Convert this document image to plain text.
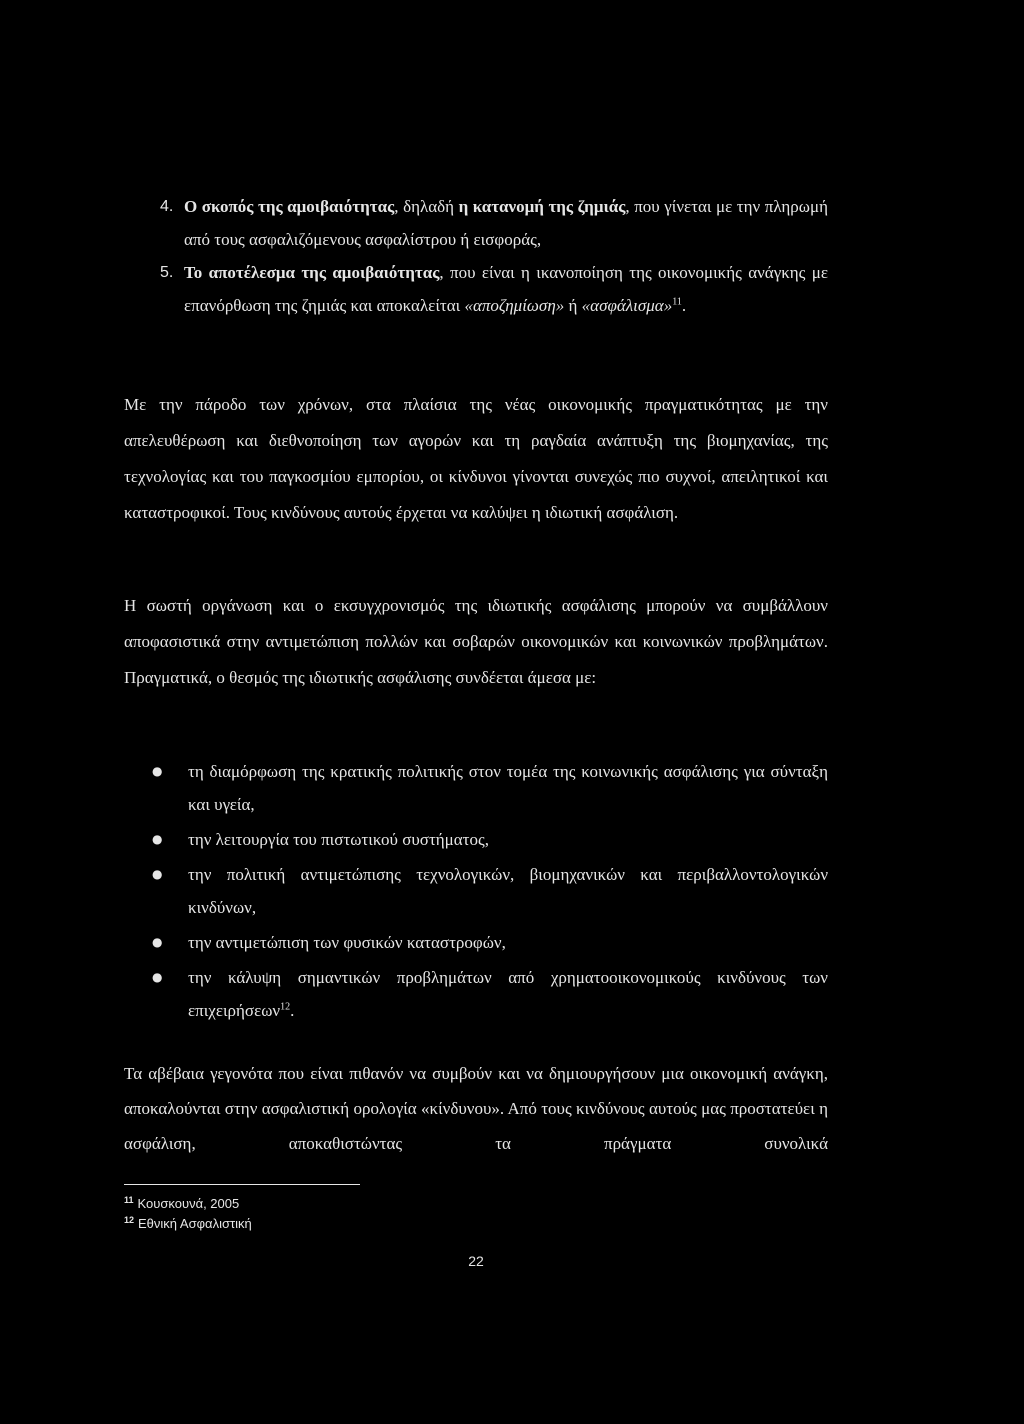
4. Ο σκοπός της αμοιβαιότητας, δηλαδή η κατανομή της ζημιάς, που γίνεται με την πληρωμή από τους ασφαλιζόμενους ασφαλίστρου ή εισφοράς,
5. Το αποτέλεσμα της αμοιβαιότητας, που είναι η ικανοποίηση της οικονομικής ανάγκης με επανόρθωση της ζημιάς και αποκαλείται «αποζημίωση» ή «ασφάλισμα»$^{11}$.
Με την πάροδο των χρόνων, στα πλαίσια της νέας οικονομικής πραγματικότητας με την απελευθέρωση και διεθνοποίηση των αγορών και τη ραγδαία ανάπτυξη της βιομηχανίας, της τεχνολογίας και του παγκοσμίου εμπορίου, οι κίνδυνοι γίνονται συνεχώς πιο συχνοί, απειλητικοί και καταστροφικοί. Τους κινδύνους αυτούς έρχεται να καλύψει η ιδιωτική ασφάλιση.
Η σωστή οργάνωση και ο εκσυγχρονισμός της ιδιωτικής ασφάλισης μπορούν να συμβάλλουν αποφασιστικά στην αντιμετώπιση πολλών και σοβαρών οικονομικών και κοινωνικών προβλημάτων. Πραγματικά, ο θεσμός της ιδιωτικής ασφάλισης συνδέεται άμεσα με:
● τη διαμόρφωση της κρατικής πολιτικής στον τομέα της κοινωνικής ασφάλισης για σύνταξη και υγεία,
● την λειτουργία του πιστωτικού συστήματος,
● την πολιτική αντιμετώπισης τεχνολογικών, βιομηχανικών και περιβαλλοντολογικών κινδύνων,
● την αντιμετώπιση των φυσικών καταστροφών,
● την κάλυψη σημαντικών προβλημάτων από χρηματοοικονομικούς κινδύνους των επιχειρήσεων$^{12}$.
Τα αβέβαια γεγονότα που είναι πιθανόν να συμβούν και να δημιουργήσουν μια οικονομική ανάγκη, αποκαλούνται στην ασφαλιστική ορολογία «κίνδυνου». Από τους κινδύνους αυτούς μας προστατεύει η ασφάλιση, αποκαθιστώντας τα πράγματα συνολικά
$^{11}$ Κουσκουνά, 2005
$^{12}$ Εθνική Ασφαλιστική
22
